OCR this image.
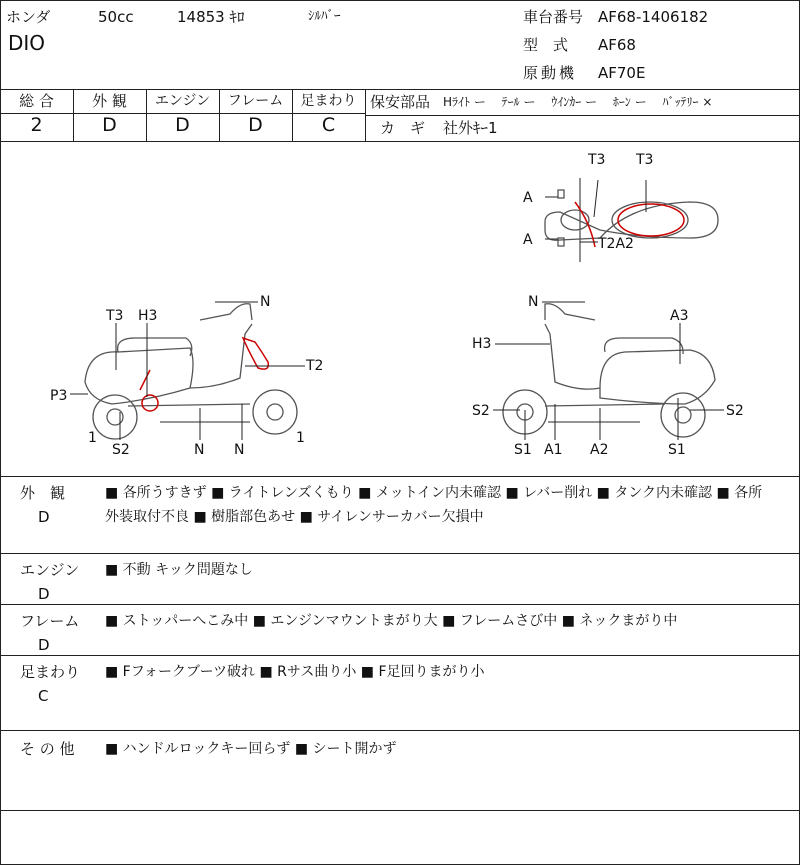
ホンダ	50cc	14853 ｷﾛ	ｼﾙﾊﾞｰ
DIO
車台番号 AF68-1406182
型　式 AF68
原動機 AF70E
総 合	外 観	エンジン	フレーム	足まわり
2	D	D	D	C
保安部品 Hﾗｲﾄ ー　 ﾃｰﾙ ー　 ｳｲﾝｶｰ ー　 ﾎｰﾝ ー　 ﾊﾞｯﾃﾘｰ ×
カ　ギ 社外ｷｰ1
T3 T3
A
A	T2A2
N
T3 H3
T2
P3
1
S2	N N
1
N
A3
H3
S2	S2
S1 A1 A2	S1
外　観
D
■ 各所うすきず ■ ライトレンズくもり ■ メットイン内未確認 ■ レバー削れ ■ タンク内未確認 ■ 各所
外装取付不良 ■ 樹脂部色あせ ■ サイレンサーカバー欠損中
エンジン
D
■ 不動 キック問題なし
フレーム
D
■ ストッパーへこみ中 ■ エンジンマウントまがり大 ■ フレームさび中 ■ ネックまがり中
足まわり
C
■ Fフォークブーツ破れ ■ Rサス曲り小 ■ F足回りまがり小
そ の 他 ■ ハンドルロックキー回らず ■ シート開かず
